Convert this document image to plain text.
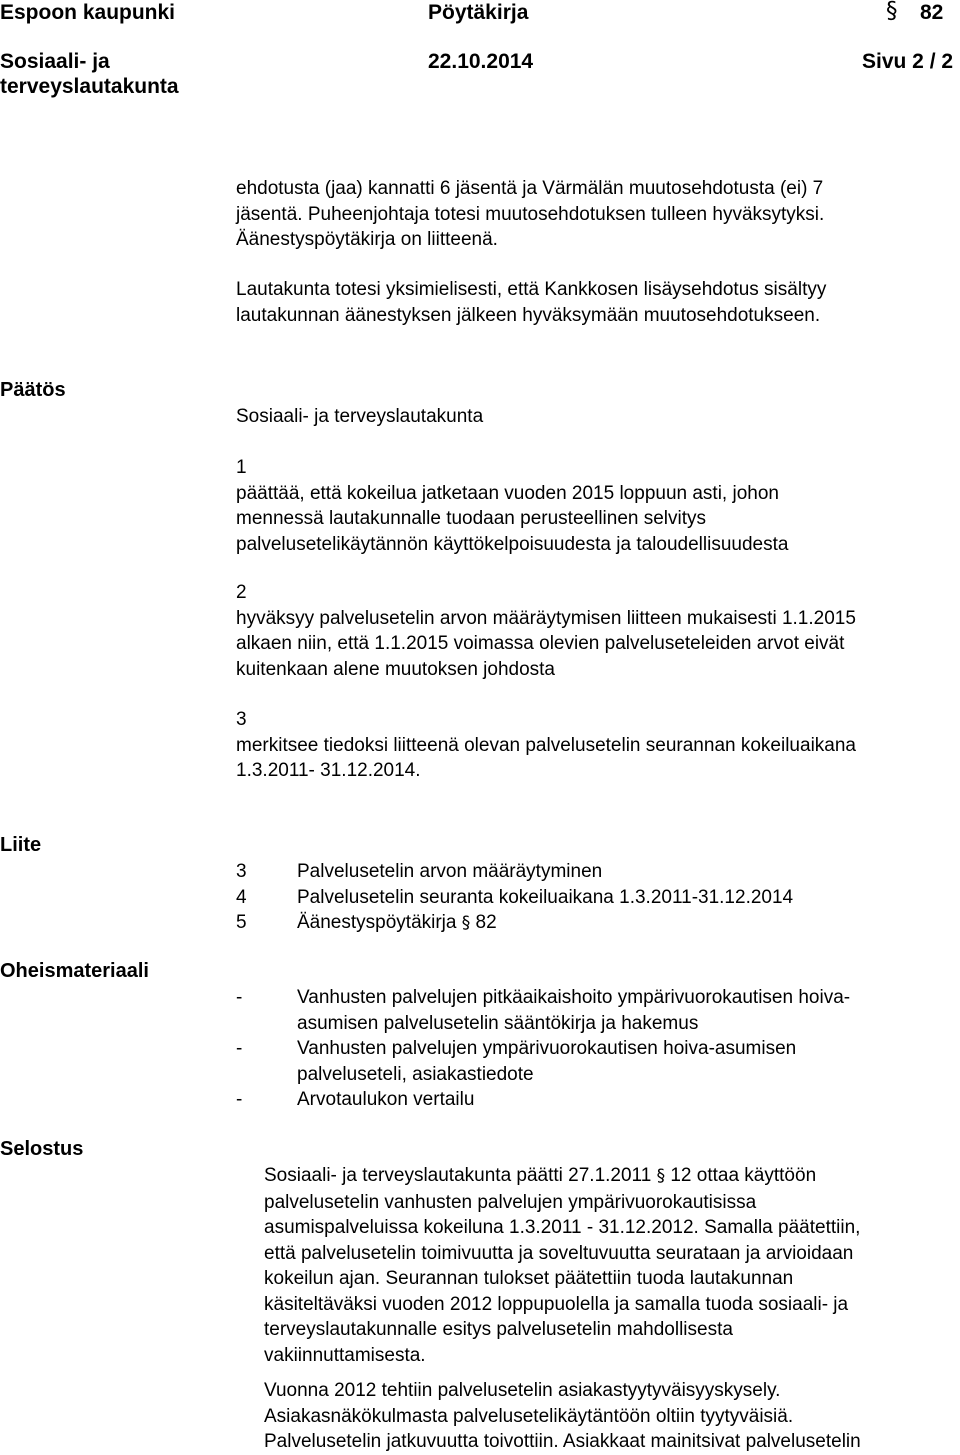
Espoon kaupunki	Pöytäkirja	§ 82
Sosiaali- ja
terveyslautakunta
22.10.2014	Sivu 2 / 2
ehdotusta (jaa) kannatti 6 jäsentä ja Värmälän muutosehdotusta (ei) 7
jäsentä. Puheenjohtaja totesi muutosehdotuksen tulleen hyväksytyksi.
Äänestyspöytäkirja on liitteenä.
Lautakunta totesi yksimielisesti, että Kankkosen lisäysehdotus sisältyy
lautakunnan äänestyksen jälkeen hyväksymään muutosehdotukseen.
Päätös
Sosiaali- ja terveyslautakunta
1
päättää, että kokeilua jatketaan vuoden 2015 loppuun asti, johon
mennessä lautakunnalle tuodaan perusteellinen selvitys
palvelusetelikäytännön käyttökelpoisuudesta ja taloudellisuudesta
2
hyväksyy palvelusetelin arvon määräytymisen liitteen mukaisesti 1.1.2015
alkaen niin, että 1.1.2015 voimassa olevien palveluseteleiden arvot eivät
kuitenkaan alene muutoksen johdosta
3
merkitsee tiedoksi liitteenä olevan palvelusetelin seurannan kokeiluaikana
1.3.2011- 31.12.2014.
Liite
3	Palvelusetelin arvon määräytyminen
4	Palvelusetelin seuranta kokeiluaikana 1.3.2011-31.12.2014
5	Äänestyspöytäkirja § 82
Oheismateriaali
-	Vanhusten palvelujen pitkäaikaishoito ympärivuorokautisen hoiva-
asumisen palvelusetelin sääntökirja ja hakemus
-	Vanhusten palvelujen ympärivuorokautisen hoiva-asumisen
palveluseteli, asiakastiedote
-	Arvotaulukon vertailu
Selostus
Sosiaali- ja terveyslautakunta päätti 27.1.2011 § 12 ottaa käyttöön
palvelusetelin vanhusten palvelujen ympärivuorokautisissa
asumispalveluissa kokeiluna 1.3.2011 - 31.12.2012. Samalla päätettiin,
että palvelusetelin toimivuutta ja soveltuvuutta seurataan ja arvioidaan
kokeilun ajan. Seurannan tulokset päätettiin tuoda lautakunnan
käsiteltäväksi vuoden 2012 loppupuolella ja samalla tuoda sosiaali- ja
terveyslautakunnalle esitys palvelusetelin mahdollisesta
vakiinnuttamisesta.
Vuonna 2012 tehtiin palvelusetelin asiakastyytyväisyyskysely.
Asiakasnäkökulmasta palvelusetelikäytäntöön oltiin tyytyväisiä.
Palvelusetelin jatkuvuutta toivottiin. Asiakkaat mainitsivat palvelusetelin
